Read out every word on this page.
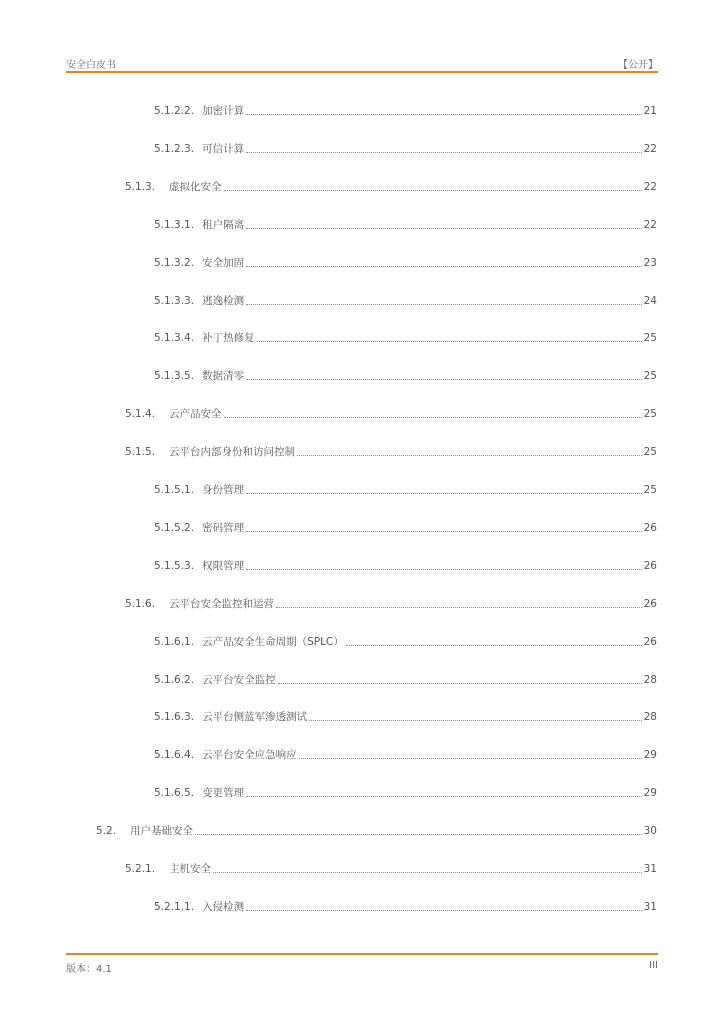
安全白皮书	【公开】
5.1.2.2. 加密计算	21
5.1.2.3. 可信计算	22
5.1.3.	虚拟化安全	22
5.1.3.1. 租户隔离	22
5.1.3.2. 安全加固	23
5.1.3.3. 逃逸检测	24
5.1.3.4. 补丁热修复	25
5.1.3.5. 数据清零	25
5.1.4.	云产品安全	25
5.1.5.	云平台内部身份和访问控制	25
5.1.5.1. 身份管理	25
5.1.5.2. 密码管理	26
5.1.5.3. 权限管理	26
5.1.6.	云平台安全监控和运营	26
5.1.6.1. 云产品安全生命周期（SPLC）	26
5.1.6.2. 云平台安全监控	28
5.1.6.3. 云平台侧蓝军渗透测试	28
5.1.6.4. 云平台安全应急响应	29
5.1.6.5. 变更管理	29
5.2.	用户基础安全	30
5.2.1.	主机安全	31
5.2.1.1. 入侵检测	31
版本：4.1	III
